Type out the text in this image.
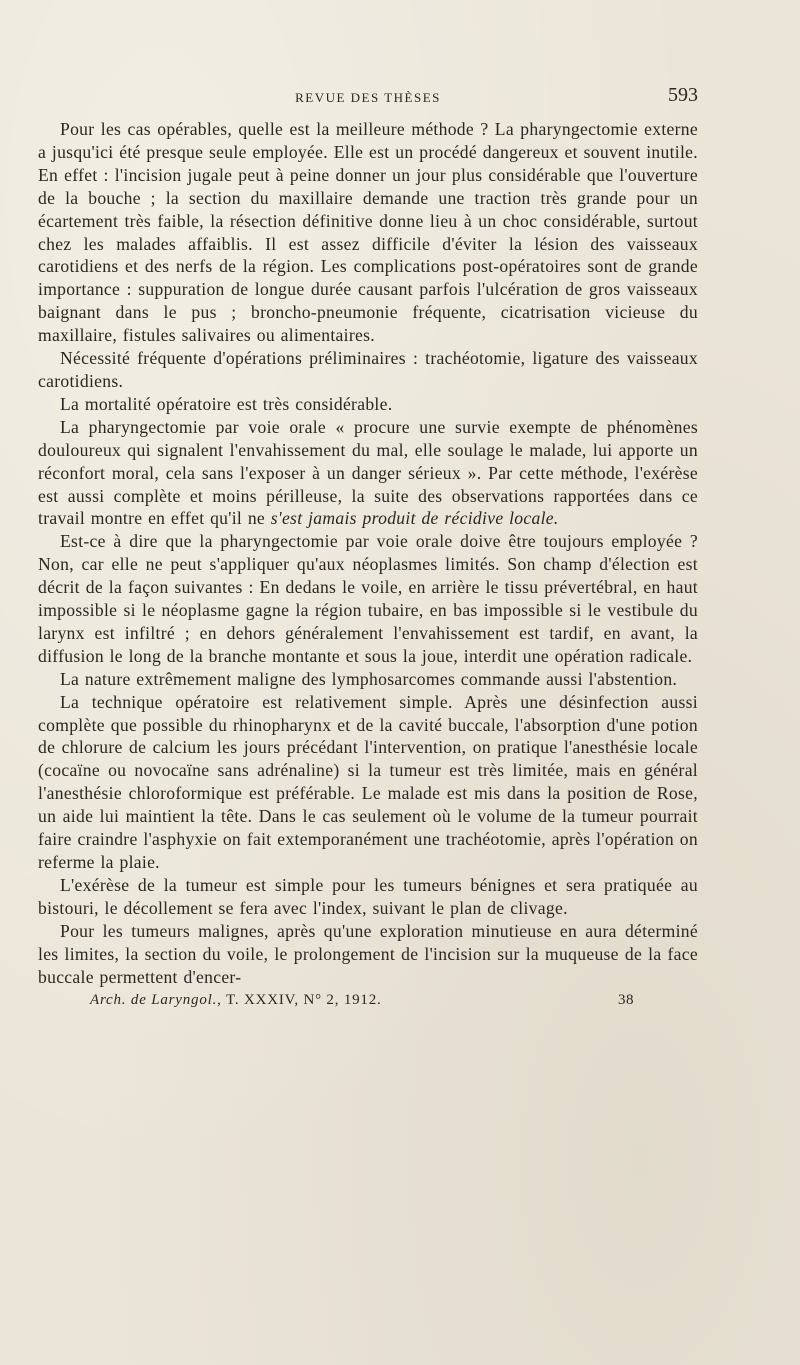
REVUE DES THÈSES	593

Pour les cas opérables, quelle est la meilleure méthode ? La pharyngectomie externe a jusqu'ici été presque seule employée. Elle est un procédé dangereux et souvent inutile. En effet : l'incision jugale peut à peine donner un jour plus considérable que l'ouverture de la bouche ; la section du maxillaire demande une traction très grande pour un écartement très faible, la résection définitive donne lieu à un choc considérable, surtout chez les malades affaiblis. Il est assez difficile d'éviter la lésion des vaisseaux carotidiens et des nerfs de la région. Les complications post-opératoires sont de grande importance : suppuration de longue durée causant parfois l'ulcération de gros vaisseaux baignant dans le pus ; broncho-pneumonie fréquente, cicatrisation vicieuse du maxillaire, fistules salivaires ou alimentaires.

Nécessité fréquente d'opérations préliminaires : trachéotomie, ligature des vaisseaux carotidiens.

La mortalité opératoire est très considérable.

La pharyngectomie par voie orale « procure une survie exempte de phénomènes douloureux qui signalent l'envahissement du mal, elle soulage le malade, lui apporte un réconfort moral, cela sans l'exposer à un danger sérieux ». Par cette méthode, l'exérèse est aussi complète et moins périlleuse, la suite des observations rapportées dans ce travail montre en effet qu'il ne s'est jamais produit de récidive locale.

Est-ce à dire que la pharyngectomie par voie orale doive être toujours employée ? Non, car elle ne peut s'appliquer qu'aux néoplasmes limités. Son champ d'élection est décrit de la façon suivantes : En dedans le voile, en arrière le tissu prévertébral, en haut impossible si le néoplasme gagne la région tubaire, en bas impossible si le vestibule du larynx est infiltré ; en dehors généralement l'envahissement est tardif, en avant, la diffusion le long de la branche montante et sous la joue, interdit une opération radicale.

La nature extrêmement maligne des lymphosarcomes commande aussi l'abstention.

La technique opératoire est relativement simple. Après une désinfection aussi complète que possible du rhinopharynx et de la cavité buccale, l'absorption d'une potion de chlorure de calcium les jours précédant l'intervention, on pratique l'anesthésie locale (cocaïne ou novocaïne sans adrénaline) si la tumeur est très limitée, mais en général l'anesthésie chloroformique est préférable. Le malade est mis dans la position de Rose, un aide lui maintient la tête. Dans le cas seulement où le volume de la tumeur pourrait faire craindre l'asphyxie on fait extemporanément une trachéotomie, après l'opération on referme la plaie.

L'exérèse de la tumeur est simple pour les tumeurs bénignes et sera pratiquée au bistouri, le décollement se fera avec l'index, suivant le plan de clivage.

Pour les tumeurs malignes, après qu'une exploration minutieuse en aura déterminé les limites, la section du voile, le prolongement de l'incision sur la muqueuse de la face buccale permettent d'encer-

Arch. de Laryngol., T. XXXIV, N° 2, 1912.	38
